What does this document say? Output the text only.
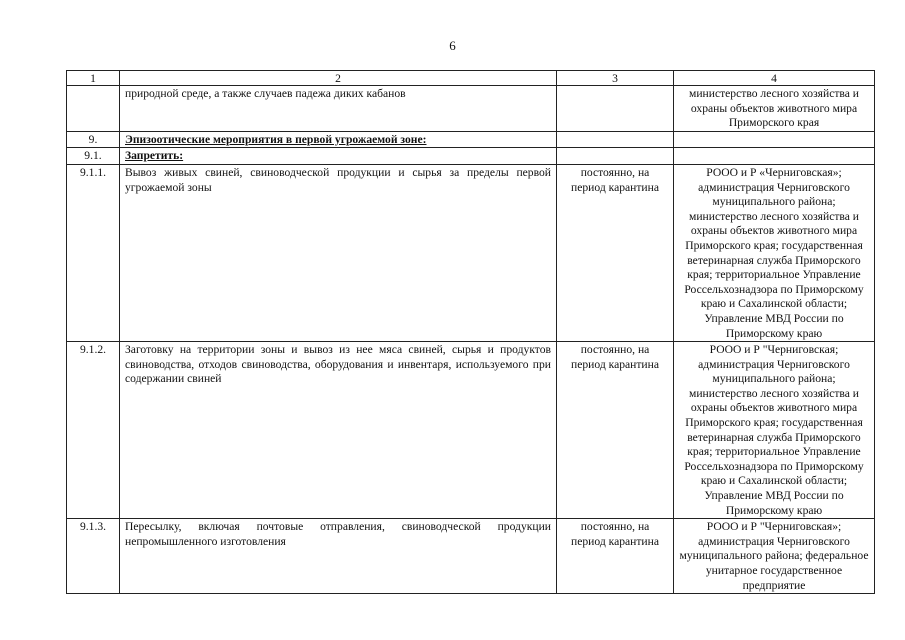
6
1	2	3	4
	природной среде, а также случаев падежа диких кабанов		министерство лесного хозяйства и охраны объектов животного мира Приморского края
9.	Эпизоотические мероприятия в первой угрожаемой зоне:		
9.1.	Запретить:		
9.1.1.	Вывоз живых свиней, свиноводческой продукции и сырья за пределы первой угрожаемой зоны	постоянно, на период карантина	РООО и Р «Черниговская»; администрация Черниговского муниципального района; министерство лесного хозяйства и охраны объектов животного мира Приморского края; государственная ветеринарная служба Приморского края; территориальное Управление Россельхознадзора по Приморскому краю и Сахалинской области; Управление МВД России по Приморскому краю
9.1.2.	Заготовку на территории зоны и вывоз из нее мяса свиней, сырья и продуктов свиноводства, отходов свиноводства, оборудования и инвентаря, используемого при содержании свиней	постоянно, на период карантина	РООО и Р "Черниговская; администрация Черниговского муниципального района; министерство лесного хозяйства и охраны объектов животного мира Приморского края; государственная ветеринарная служба Приморского края; территориальное Управление Россельхознадзора по Приморскому краю и Сахалинской области; Управление МВД России по Приморскому краю
9.1.3.	Пересылку, включая почтовые отправления, свиноводческой продукции непромышленного изготовления	постоянно, на период карантина	РООО и Р "Черниговская»; администрация Черниговского муниципального района; федеральное унитарное государственное предприятие
